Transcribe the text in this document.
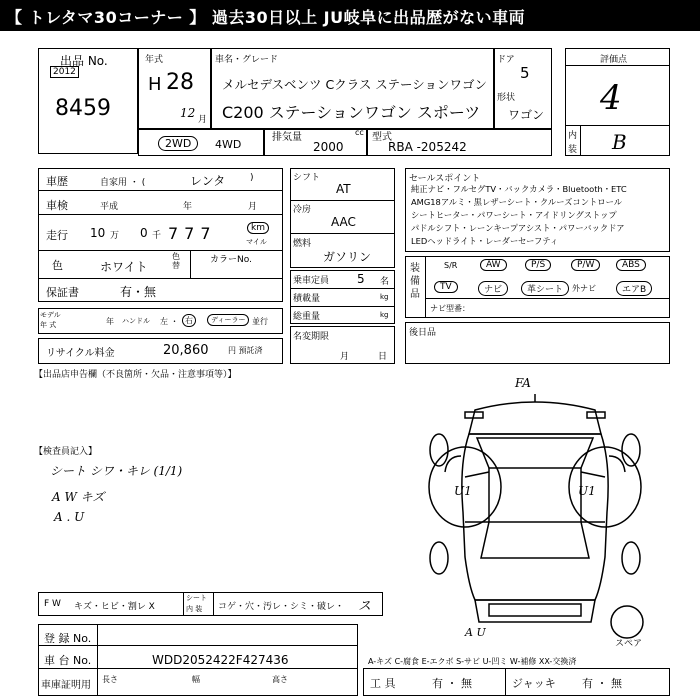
【 トレタマ30コーナー 】 過去30日以上 JU岐阜に出品歴がない車両
出品 No.
2012
8459
年式
H 28
12 月
車名・グレード
メルセデスベンツ Cクラス ステーションワゴン
C200 ステーションワゴン スポーツ
ドア
5
形状
ワゴン
評価点
4
内
装 B
2WD	4WD
排気量	cc
2000
型式
RBA -205242
車歴	自家用 ・ (	レンタ	)
車検	平成	年	月
走行 10 万 0 千 777	km
マイル
色	ホワイト
色替
カラーNo.
保証書	有・無
モデル
年 式	年 ハンドル 左 ・ 右	ディーラー 並行
リサイクル料金	20,860 円 預託済
シフト
AT
冷房
AAC
燃料
ガソリン
乗車定員 5 名
積載量	kg
総重量	kg
名変期限
月	日
セールスポイント
純正ナビ・フルセグTV・バックカメラ・Bluetooth・ETC
AMG18アルミ・黒レザーシート・クルーズコントロール
シートヒーター・パワーシート・アイドリングストップ
パドルシフト・レーンキープアシスト・パワーバックドア
LEDヘッドライト・レーダーセーフティ
装備品
S/R	AW	P/S	P/W	ABS
TV	ナビ	革シート	外ナビ	エアB
ナビ型番：
後日品
【出品店申告欄（不良箇所・欠品・注意事項等）】
【検査員記入】
シート シワ・キレ (1/1)
A W キズ
A . U
FA
U1	U1
A U
スペア
F W キズ・ヒビ・割レ X
シート
内 装 コゲ・穴・汚レ・シミ・破レ・ ス
登 録 No.
車 台 No.	WDD2052422F427436
車庫証明用
長さ	幅	高さ
A-キズ C-腐食 E-エクボ S-サビ U-凹ミ W-補修 XX-交換済
工 具	有 ・ 無	ジャッキ 有 ・ 無
